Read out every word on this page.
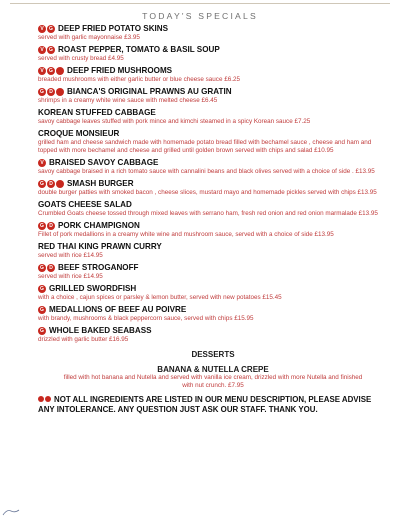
TODAY'S SPECIALS
V	G DEEP FRIED POTATO SKINS
served with garlic mayonnaise £3.95
V	G ROAST PEPPER, TOMATO & BASIL SOUP
served with crusty bread £4.95
V	G DEEP FRIED MUSHROOMS
breaded mushrooms with either garlic butter or blue cheese sauce £6.25
G	D BIANCA'S ORIGINAL PRAWNS AU GRATIN
shrimps in a creamy white wine sauce with melted cheese £6.45
KOREAN STUFFED CABBAGE
savoy cabbage leaves stuffed with pork mince and kimchi steamed in a spicy Korean sauce £7.25
CROQUE MONSIEUR
grilled ham and cheese sandwich made with homemade potato bread filled with bechamel sauce , cheese and ham and topped with more bechamel and cheese and grilled until golden brown served with chips and salad £10.95
V BRAISED SAVOY CABBAGE
savoy cabbage braised in a rich tomato sauce with cannalini beans and black olives served with a choice of side . £13.95
G	D SMASH BURGER
double burger patties with smoked bacon , cheese slices, mustard mayo and homemade pickles served with chips £13.95
GOATS CHEESE SALAD
Crumbled Goats cheese tossed through mixed leaves with serrano ham, fresh red onion and red onion marmalade £13.95
G	D PORK CHAMPIGNON
Fillet of pork medallions in a creamy white wine and mushroom sauce, served with a choice of side £13.95
RED THAI KING PRAWN CURRY
served with rice £14.95
G	D BEEF STROGANOFF
served with rice £14.95
G GRILLED SWORDFISH
with a choice , cajun spices or parsley & lemon butter, served with new potatoes £15.45
G MEDALLIONS OF BEEF AU POIVRE
with brandy, mushrooms & black peppercorn sauce, served with chips £15.95
G WHOLE BAKED SEABASS
drizzled with garlic butter £16.95
DESSERTS
BANANA & NUTELLA CREPE
filled with hot banana and Nutella and served with vanilla ice cream, drizzled with more Nutella and finished with nut crunch. £7.95
NOT ALL INGREDIENTS ARE LISTED IN OUR MENU DESCRIPTION, PLEASE ADVISE ANY INTOLERANCE. ANY QUESTION JUST ASK OUR STAFF. THANK YOU.
